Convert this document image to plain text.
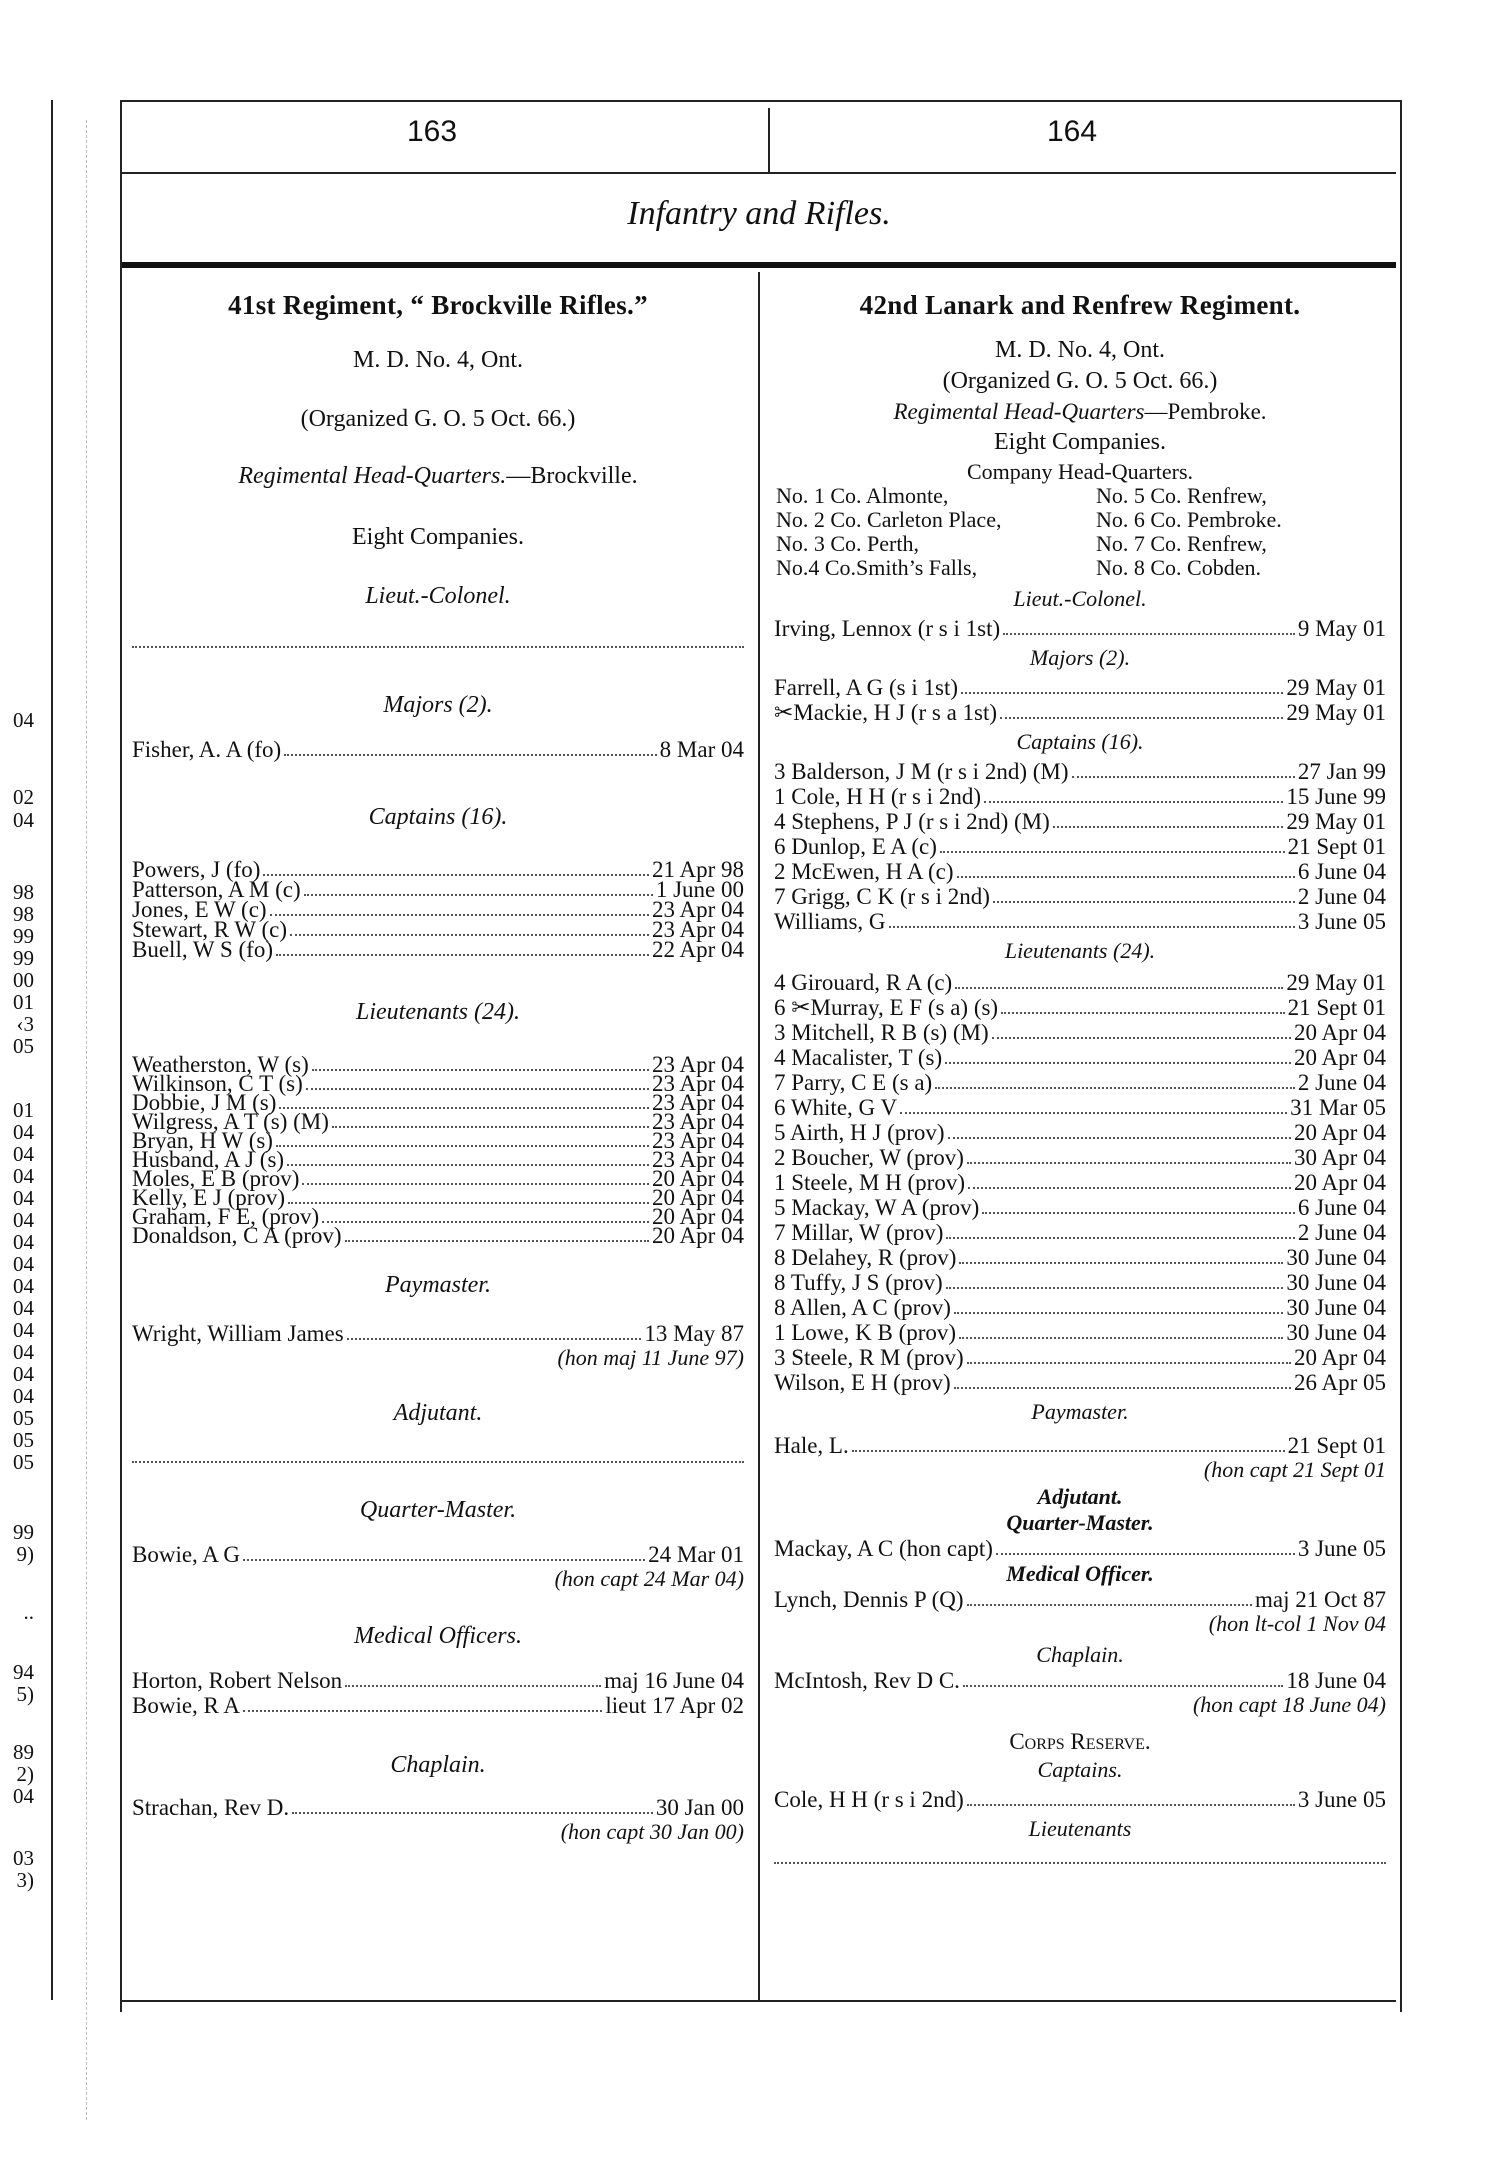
04
02
04
98
98
99
99
00
01
‹3
05
01
04
04
04
04
04
04
04
04
04
04
04
04
04
05
05
05
99
9)
..
94
5)
89
2)
04
03
3)
163	164
Infantry and Rifles.
41st Regiment, “ Brockville Rifles.”
M. D. No. 4, Ont.
(Organized G. O. 5 Oct. 66.)
Regimental Head-Quarters.—Brockville.
Eight Companies.
Lieut.-Colonel.
Majors (2).
Fisher, A. A (fo)	8 Mar 04
Captains (16).
Powers, J (fo)	21 Apr 98
Patterson, A M (c)	1 June 00
Jones, E W (c)	23 Apr 04
Stewart, R W (c)	23 Apr 04
Buell, W S (fo)	22 Apr 04
Lieutenants (24).
Weatherston, W (s)	23 Apr 04
Wilkinson, C T (s)	23 Apr 04
Dobbie, J M (s)	23 Apr 04
Wilgress, A T (s) (M)	23 Apr 04
Bryan, H W (s)	23 Apr 04
Husband, A J (s)	23 Apr 04
Moles, E B (prov)	20 Apr 04
Kelly, E J (prov)	20 Apr 04
Graham, F E, (prov)	20 Apr 04
Donaldson, C A (prov)	20 Apr 04
Paymaster.
Wright, William James	13 May 87
(hon maj 11 June 97)
Adjutant.
Quarter-Master.
Bowie, A G	24 Mar 01
(hon capt 24 Mar 04)
Medical Officers.
Horton, Robert Nelson	maj 16 June 04
Bowie, R A	lieut 17 Apr 02
Chaplain.
Strachan, Rev D.	30 Jan 00
(hon capt 30 Jan 00)
42nd Lanark and Renfrew Regiment.
M. D. No. 4, Ont.
(Organized G. O. 5 Oct. 66.)
Regimental Head-Quarters—Pembroke.
Eight Companies.
Company Head-Quarters.
No. 1 Co. Almonte,	No. 5 Co. Renfrew,
No. 2 Co. Carleton Place,	No. 6 Co. Pembroke.
No. 3 Co. Perth,	No. 7 Co. Renfrew,
No.4 Co.Smith’s Falls,	No. 8 Co. Cobden.
Lieut.-Colonel.
Irving, Lennox (r s i 1st)	9 May 01
Majors (2).
Farrell, A G (s i 1st)	29 May 01
✂Mackie, H J (r s a 1st)	29 May 01
Captains (16).
3 Balderson, J M (r s i 2nd) (M)	27 Jan 99
1 Cole, H H (r s i 2nd)	15 June 99
4 Stephens, P J (r s i 2nd) (M)	29 May 01
6 Dunlop, E A (c)	21 Sept 01
2 McEwen, H A (c)	6 June 04
7 Grigg, C K (r s i 2nd)	2 June 04
Williams, G	3 June 05
Lieutenants (24).
4 Girouard, R A (c)	29 May 01
6 ✂Murray, E F (s a) (s)	21 Sept 01
3 Mitchell, R B (s) (M)	20 Apr 04
4 Macalister, T (s)	20 Apr 04
7 Parry, C E (s a)	2 June 04
6 White, G V	31 Mar 05
5 Airth, H J (prov)	20 Apr 04
2 Boucher, W (prov)	30 Apr 04
1 Steele, M H (prov)	20 Apr 04
5 Mackay, W A (prov)	6 June 04
7 Millar, W (prov)	2 June 04
8 Delahey, R (prov)	30 June 04
8 Tuffy, J S (prov)	30 June 04
8 Allen, A C (prov)	30 June 04
1 Lowe, K B (prov)	30 June 04
3 Steele, R M (prov)	20 Apr 04
Wilson, E H (prov)	26 Apr 05
Paymaster.
Hale, L.	21 Sept 01
(hon capt 21 Sept 01
Adjutant.
Quarter-Master.
Mackay, A C (hon capt)	3 June 05
Medical Officer.
Lynch, Dennis P (Q)	maj 21 Oct 87
(hon lt-col 1 Nov 04
Chaplain.
McIntosh, Rev D C.	18 June 04
(hon capt 18 June 04)
Corps Reserve.
Captains.
Cole, H H (r s i 2nd)	3 June 05
Lieutenants
